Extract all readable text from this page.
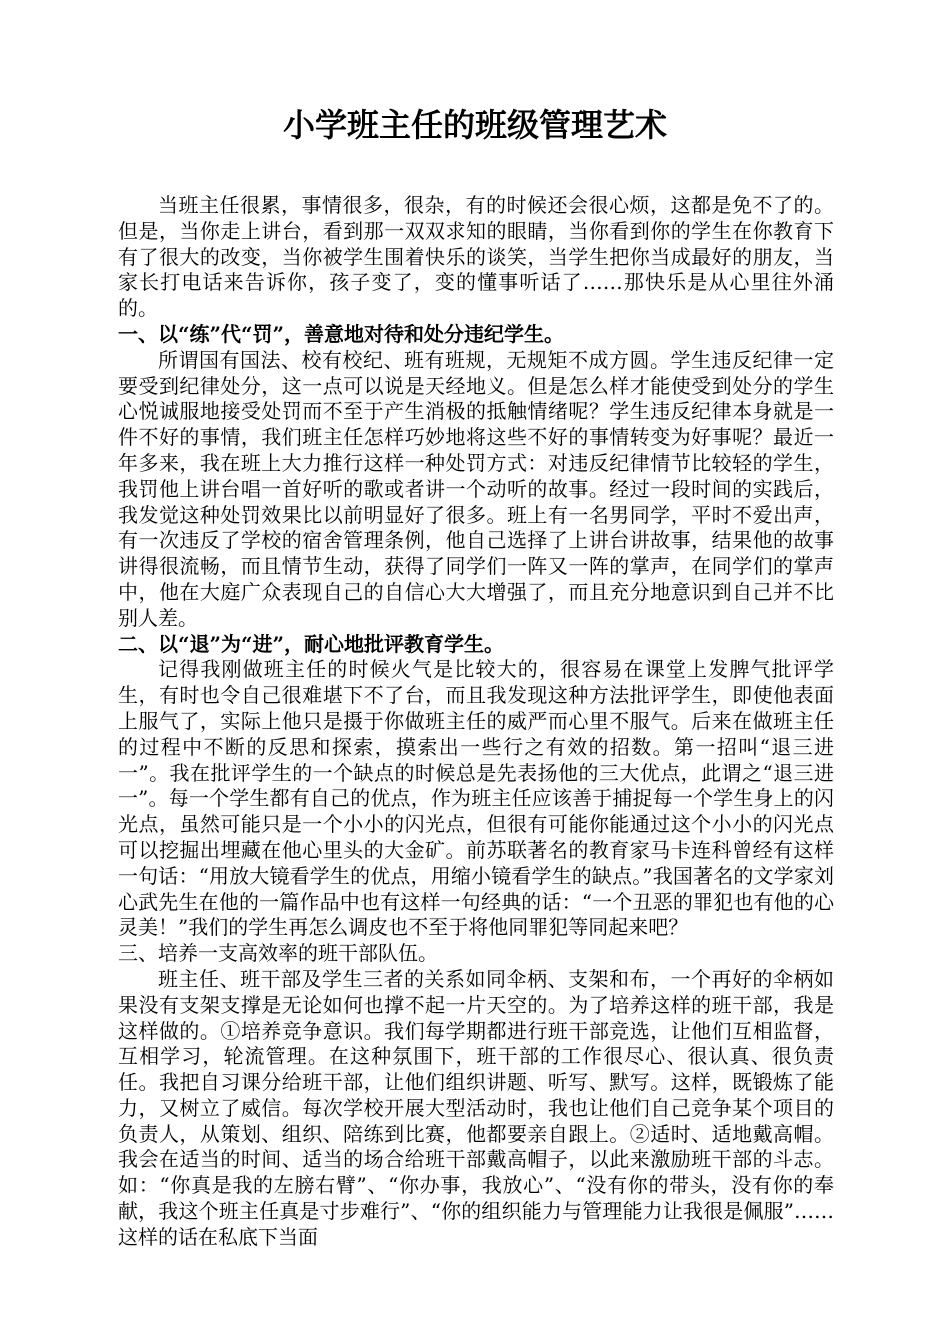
小学班主任的班级管理艺术

当班主任很累，事情很多，很杂，有的时候还会很心烦，这都是免不了的。但是，当你走上讲台，看到那一双双求知的眼睛，当你看到你的学生在你教育下有了很大的改变，当你被学生围着快乐的谈笑，当学生把你当成最好的朋友，当家长打电话来告诉你，孩子变了，变的懂事听话了……那快乐是从心里往外涌的。

一、以“练”代“罚”，善意地对待和处分违纪学生。

所谓国有国法、校有校纪、班有班规，无规矩不成方圆。学生违反纪律一定要受到纪律处分，这一点可以说是天经地义。但是怎么样才能使受到处分的学生心悦诚服地接受处罚而不至于产生消极的抵触情绪呢？学生违反纪律本身就是一件不好的事情，我们班主任怎样巧妙地将这些不好的事情转变为好事呢？最近一年多来，我在班上大力推行这样一种处罚方式：对违反纪律情节比较轻的学生，我罚他上讲台唱一首好听的歌或者讲一个动听的故事。经过一段时间的实践后，我发觉这种处罚效果比以前明显好了很多。班上有一名男同学，平时不爱出声，有一次违反了学校的宿舍管理条例，他自己选择了上讲台讲故事，结果他的故事讲得很流畅，而且情节生动，获得了同学们一阵又一阵的掌声，在同学们的掌声中，他在大庭广众表现自己的自信心大大增强了，而且充分地意识到自己并不比别人差。

二、以“退”为“进”，耐心地批评教育学生。

记得我刚做班主任的时候火气是比较大的，很容易在课堂上发脾气批评学生，有时也令自己很难堪下不了台，而且我发现这种方法批评学生，即使他表面上服气了，实际上他只是摄于你做班主任的威严而心里不服气。后来在做班主任的过程中不断的反思和探索，摸索出一些行之有效的招数。第一招叫“退三进一”。我在批评学生的一个缺点的时候总是先表扬他的三大优点，此谓之“退三进一”。每一个学生都有自己的优点，作为班主任应该善于捕捉每一个学生身上的闪光点，虽然可能只是一个小小的闪光点，但很有可能你能通过这个小小的闪光点可以挖掘出埋藏在他心里头的大金矿。前苏联著名的教育家马卡连科曾经有这样一句话：“用放大镜看学生的优点，用缩小镜看学生的缺点。”我国著名的文学家刘心武先生在他的一篇作品中也有这样一句经典的话：“一个丑恶的罪犯也有他的心灵美！”我们的学生再怎么调皮也不至于将他同罪犯等同起来吧？

三、培养一支高效率的班干部队伍。

班主任、班干部及学生三者的关系如同伞柄、支架和布，一个再好的伞柄如果没有支架支撑是无论如何也撑不起一片天空的。为了培养这样的班干部，我是这样做的。①培养竞争意识。我们每学期都进行班干部竞选，让他们互相监督，互相学习，轮流管理。在这种氛围下，班干部的工作很尽心、很认真、很负责任。我把自习课分给班干部，让他们组织讲题、听写、默写。这样，既锻炼了能力，又树立了威信。每次学校开展大型活动时，我也让他们自己竞争某个项目的负责人，从策划、组织、陪练到比赛，他都要亲自跟上。②适时、适地戴高帽。我会在适当的时间、适当的场合给班干部戴高帽子，以此来激励班干部的斗志。如：“你真是我的左膀右臂”、“你办事，我放心”、“没有你的带头，没有你的奉献，我这个班主任真是寸步难行”、“你的组织能力与管理能力让我很是佩服”……这样的话在私底下当面
